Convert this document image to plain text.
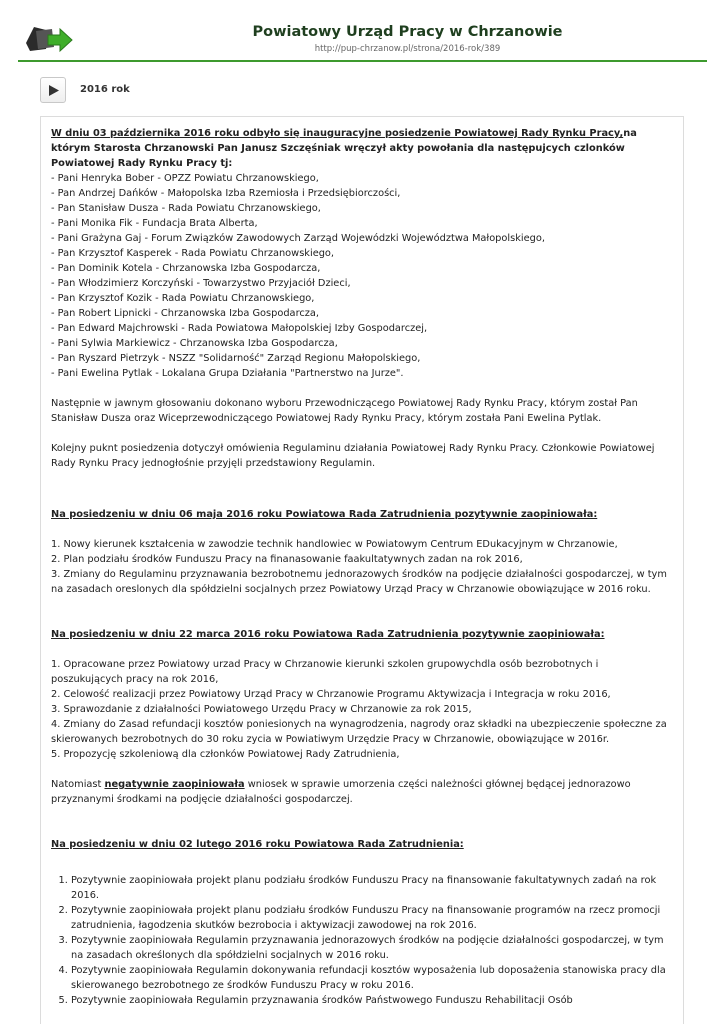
Powiatowy Urząd Pracy w Chrzanowie
http://pup-chrzanow.pl/strona/2016-rok/389
2016 rok

W dniu 03 października 2016 roku odbyło się inauguracyjne posiedzenie Powiatowej Rady Rynku Pracy,na
którym Starosta Chrzanowski Pan Janusz Szczęśniak wręczył akty powołania dla następujcych czlonków
Powiatowej Rady Rynku Pracy tj:

- Pani Henryka Bober - OPZZ Powiatu Chrzanowskiego,
- Pan Andrzej Dańków - Małopolska Izba Rzemiosła i Przedsiębiorczości,
- Pan Stanisław Dusza - Rada Powiatu Chrzanowskiego,
- Pani Monika Fik - Fundacja Brata Alberta,
- Pani Grażyna Gaj - Forum Związków Zawodowych Zarząd Wojewódzki Województwa Małopolskiego,
- Pan Krzysztof Kasperek - Rada Powiatu Chrzanowskiego,
- Pan Dominik Kotela - Chrzanowska Izba Gospodarcza,
- Pan Włodzimierz Korczyński - Towarzystwo Przyjaciół Dzieci,
- Pan Krzysztof Kozik - Rada Powiatu Chrzanowskiego,
- Pan Robert Lipnicki - Chrzanowska Izba Gospodarcza,
- Pan Edward Majchrowski - Rada Powiatowa Małopolskiej Izby Gospodarczej,
- Pani Sylwia Markiewicz - Chrzanowska Izba Gospodarcza,
- Pan Ryszard Pietrzyk - NSZZ "Solidarność" Zarząd Regionu Małopolskiego,
- Pani Ewelina Pytlak - Lokalana Grupa Działania "Partnerstwo na Jurze".
Następnie w jawnym głosowaniu dokonano wyboru Przewodniczącego Powiatowej Rady Rynku Pracy, którym został Pan
Stanisław Dusza oraz Wiceprzewodniczącego Powiatowej Rady Rynku Pracy, którym została Pani Ewelina Pytlak.
Kolejny puknt posiedzenia dotyczył omówienia Regulaminu działania Powiatowej Rady Rynku Pracy. Członkowie Powiatowej
Rady Rynku Pracy jednogłośnie przyjęli przedstawiony Regulamin.

Na posiedzeniu w dniu 06 maja 2016 roku Powiatowa Rada Zatrudnienia pozytywnie zaopiniowała:

1. Nowy kierunek kształcenia w zawodzie technik handlowiec w Powiatowym Centrum EDukacyjnym w Chrzanowie,
2. Plan podziału środków Funduszu Pracy na finanasowanie faakultatywnych zadan na rok 2016,
3. Zmiany do Regulaminu przyznawania bezrobotnemu jednorazowych środków na podjęcie działalności gospodarczej, w tym
na zasadach oreslonych dla spółdzielni socjalnych przez Powiatowy Urząd Pracy w Chrzanowie obowiązujące w 2016 roku.

Na posiedzeniu w dniu 22 marca 2016 roku Powiatowa Rada Zatrudnienia pozytywnie zaopiniowała:

1. Opracowane przez Powiatowy urzad Pracy w Chrzanowie kierunki szkolen grupowychdla osób bezrobotnych i
poszukujących pracy na rok 2016,
2. Celowość realizacji przez Powiatowy Urząd Pracy w Chrzanowie Programu Aktywizacja i Integracja w roku 2016,
3. Sprawozdanie z działalności Powiatowego Urzędu Pracy w Chrzanowie za rok 2015,
4. Zmiany do Zasad refundacji kosztów poniesionych na wynagrodzenia, nagrody oraz składki na ubezpieczenie społeczne za
skierowanych bezrobotnych do 30 roku zycia w Powiatiwym Urzędzie Pracy w Chrzanowie, obowiązujące w 2016r.
5. Propozycję szkoleniową dla członków Powiatowej Rady Zatrudnienia,
Natomiast negatywnie zaopiniowała wniosek w sprawie umorzenia części należności głównej będącej jednorazowo
przyznanymi środkami na podjęcie działalności gospodarczej.

Na posiedzeniu w dniu 02 lutego 2016 roku Powiatowa Rada Zatrudnienia:

1. Pozytywnie zaopiniowała projekt planu podziału środków Funduszu Pracy na finansowanie fakultatywnych zadań na rok 2016.
2. Pozytywnie zaopiniowała projekt planu podziału środków Funduszu Pracy na finansowanie programów na rzecz promocji zatrudnienia, łagodzenia skutków bezrobocia i aktywizacji zawodowej na rok 2016.
3. Pozytywnie zaopiniowała Regulamin przyznawania jednorazowych środków na podjęcie działalności gospodarczej, w tym na zasadach określonych dla spółdzielni socjalnych w 2016 roku.
4. Pozytywnie zaopiniowała Regulamin dokonywania refundacji kosztów wyposażenia lub doposażenia stanowiska pracy dla skierowanego bezrobotnego ze środków Funduszu Pracy w roku 2016.
5. Pozytywnie zaopiniowała Regulamin przyznawania środków Państwowego Funduszu Rehabilitacji Osób
